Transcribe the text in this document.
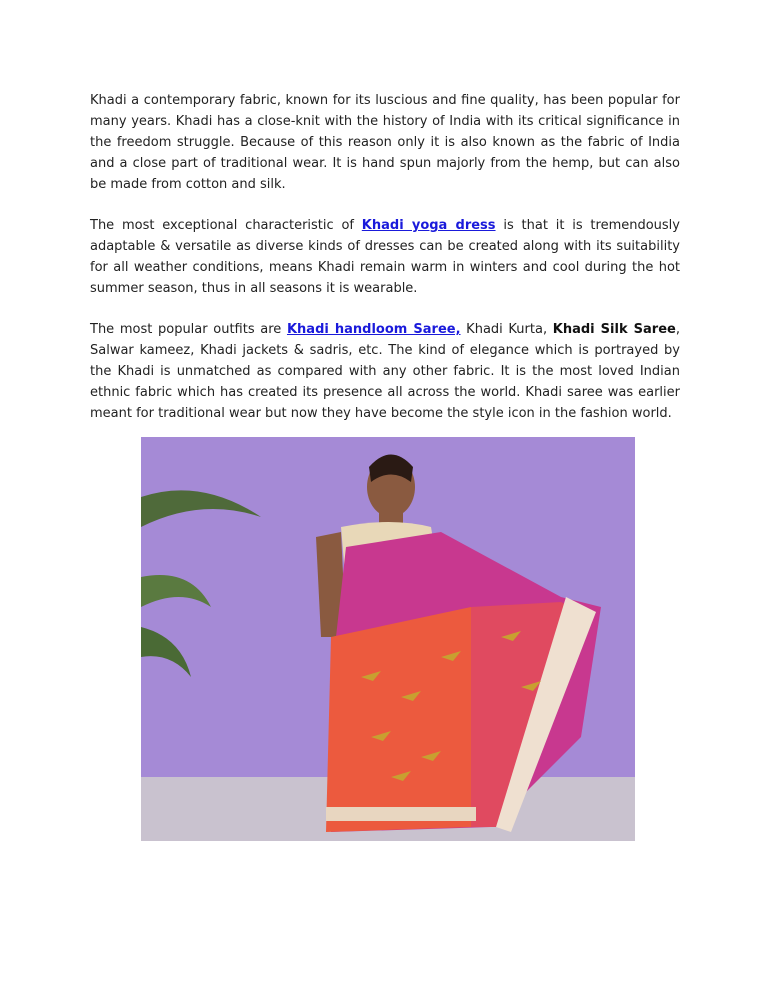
Khadi a contemporary fabric, known for its luscious and fine quality, has been popular for many years. Khadi has a close-knit with the history of India with its critical significance in the freedom struggle. Because of this reason only it is also known as the fabric of India and a close part of traditional wear. It is hand spun majorly from the hemp, but can also be made from cotton and silk.

The most exceptional characteristic of Khadi yoga dress is that it is tremendously adaptable & versatile as diverse kinds of dresses can be created along with its suitability for all weather conditions, means Khadi remain warm in winters and cool during the hot summer season, thus in all seasons it is wearable.

The most popular outfits are Khadi handloom Saree, Khadi Kurta, Khadi Silk Saree, Salwar kameez, Khadi jackets & sadris, etc. The kind of elegance which is portrayed by the Khadi is unmatched as compared with any other fabric. It is the most loved Indian ethnic fabric which has created its presence all across the world. Khadi saree was earlier meant for traditional wear but now they have become the style icon in the fashion world.
